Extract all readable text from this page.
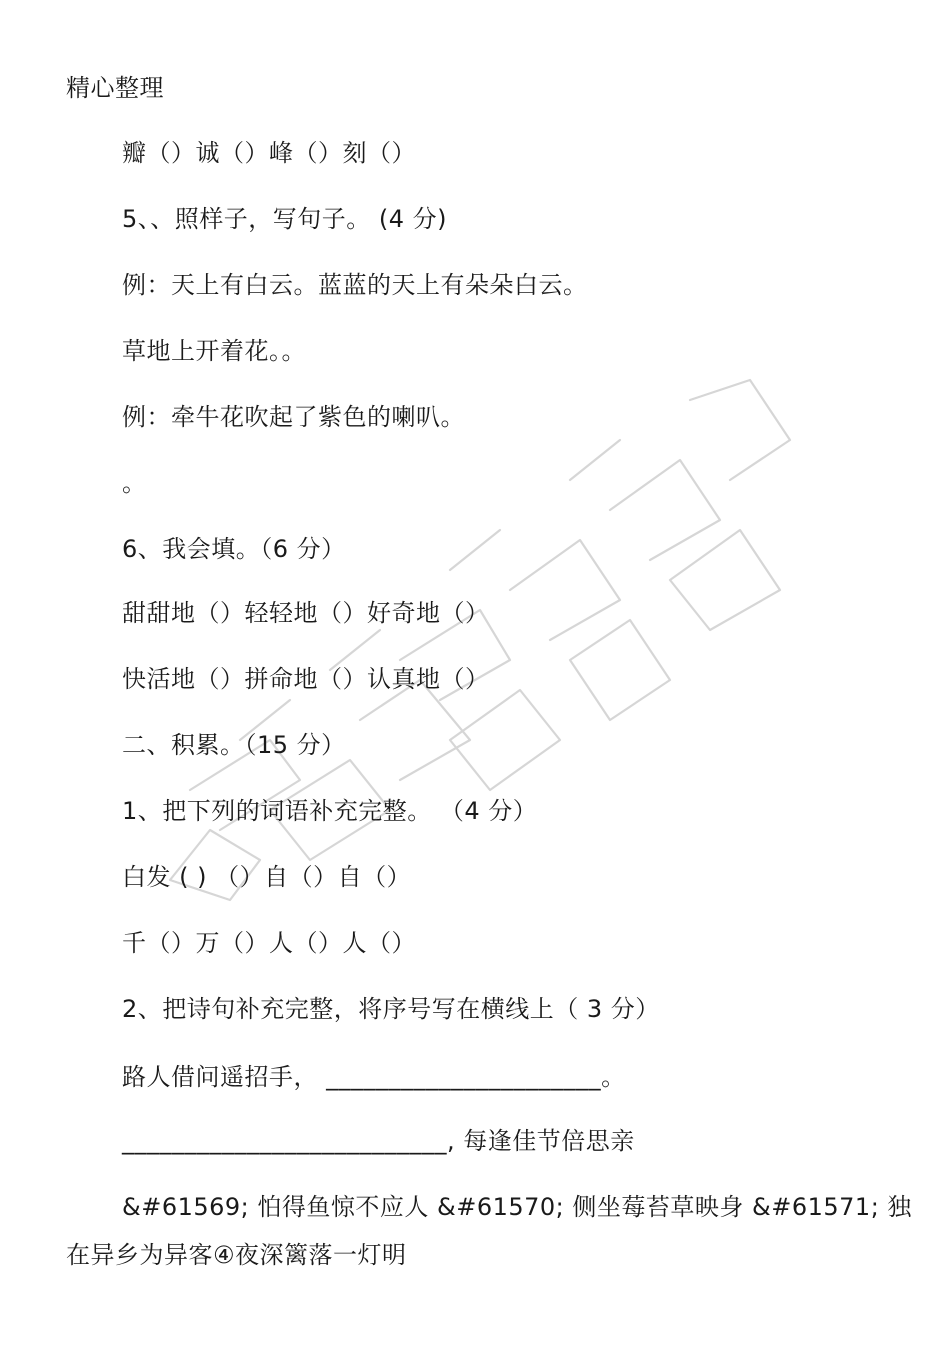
精心整理
瓣（）诚（）峰（）刻（）
5、、照样子，写句子。 (4 分)
例：天上有白云。蓝蓝的天上有朵朵白云。
草地上开着花。。
例：牵牛花吹起了紫色的喇叭。
。
6、我会填。（6 分）
甜甜地（）轻轻地（）好奇地（）
快活地（）拼命地（）认真地（）
二、积累。（15 分）
1、把下列的词语补充完整。 （4 分）
白发 ( ) （）自（）自（）
千（）万（）人（）人（）
2、把诗句补充完整，将序号写在横线上（ 3 分）
路人借问遥招手， ______________________。
__________________________, 每逢佳节倍思亲
&#61569; 怕得鱼惊不应人 &#61570; 侧坐莓苔草映身 &#61571; 独
在异乡为异客④夜深篱落一灯明
